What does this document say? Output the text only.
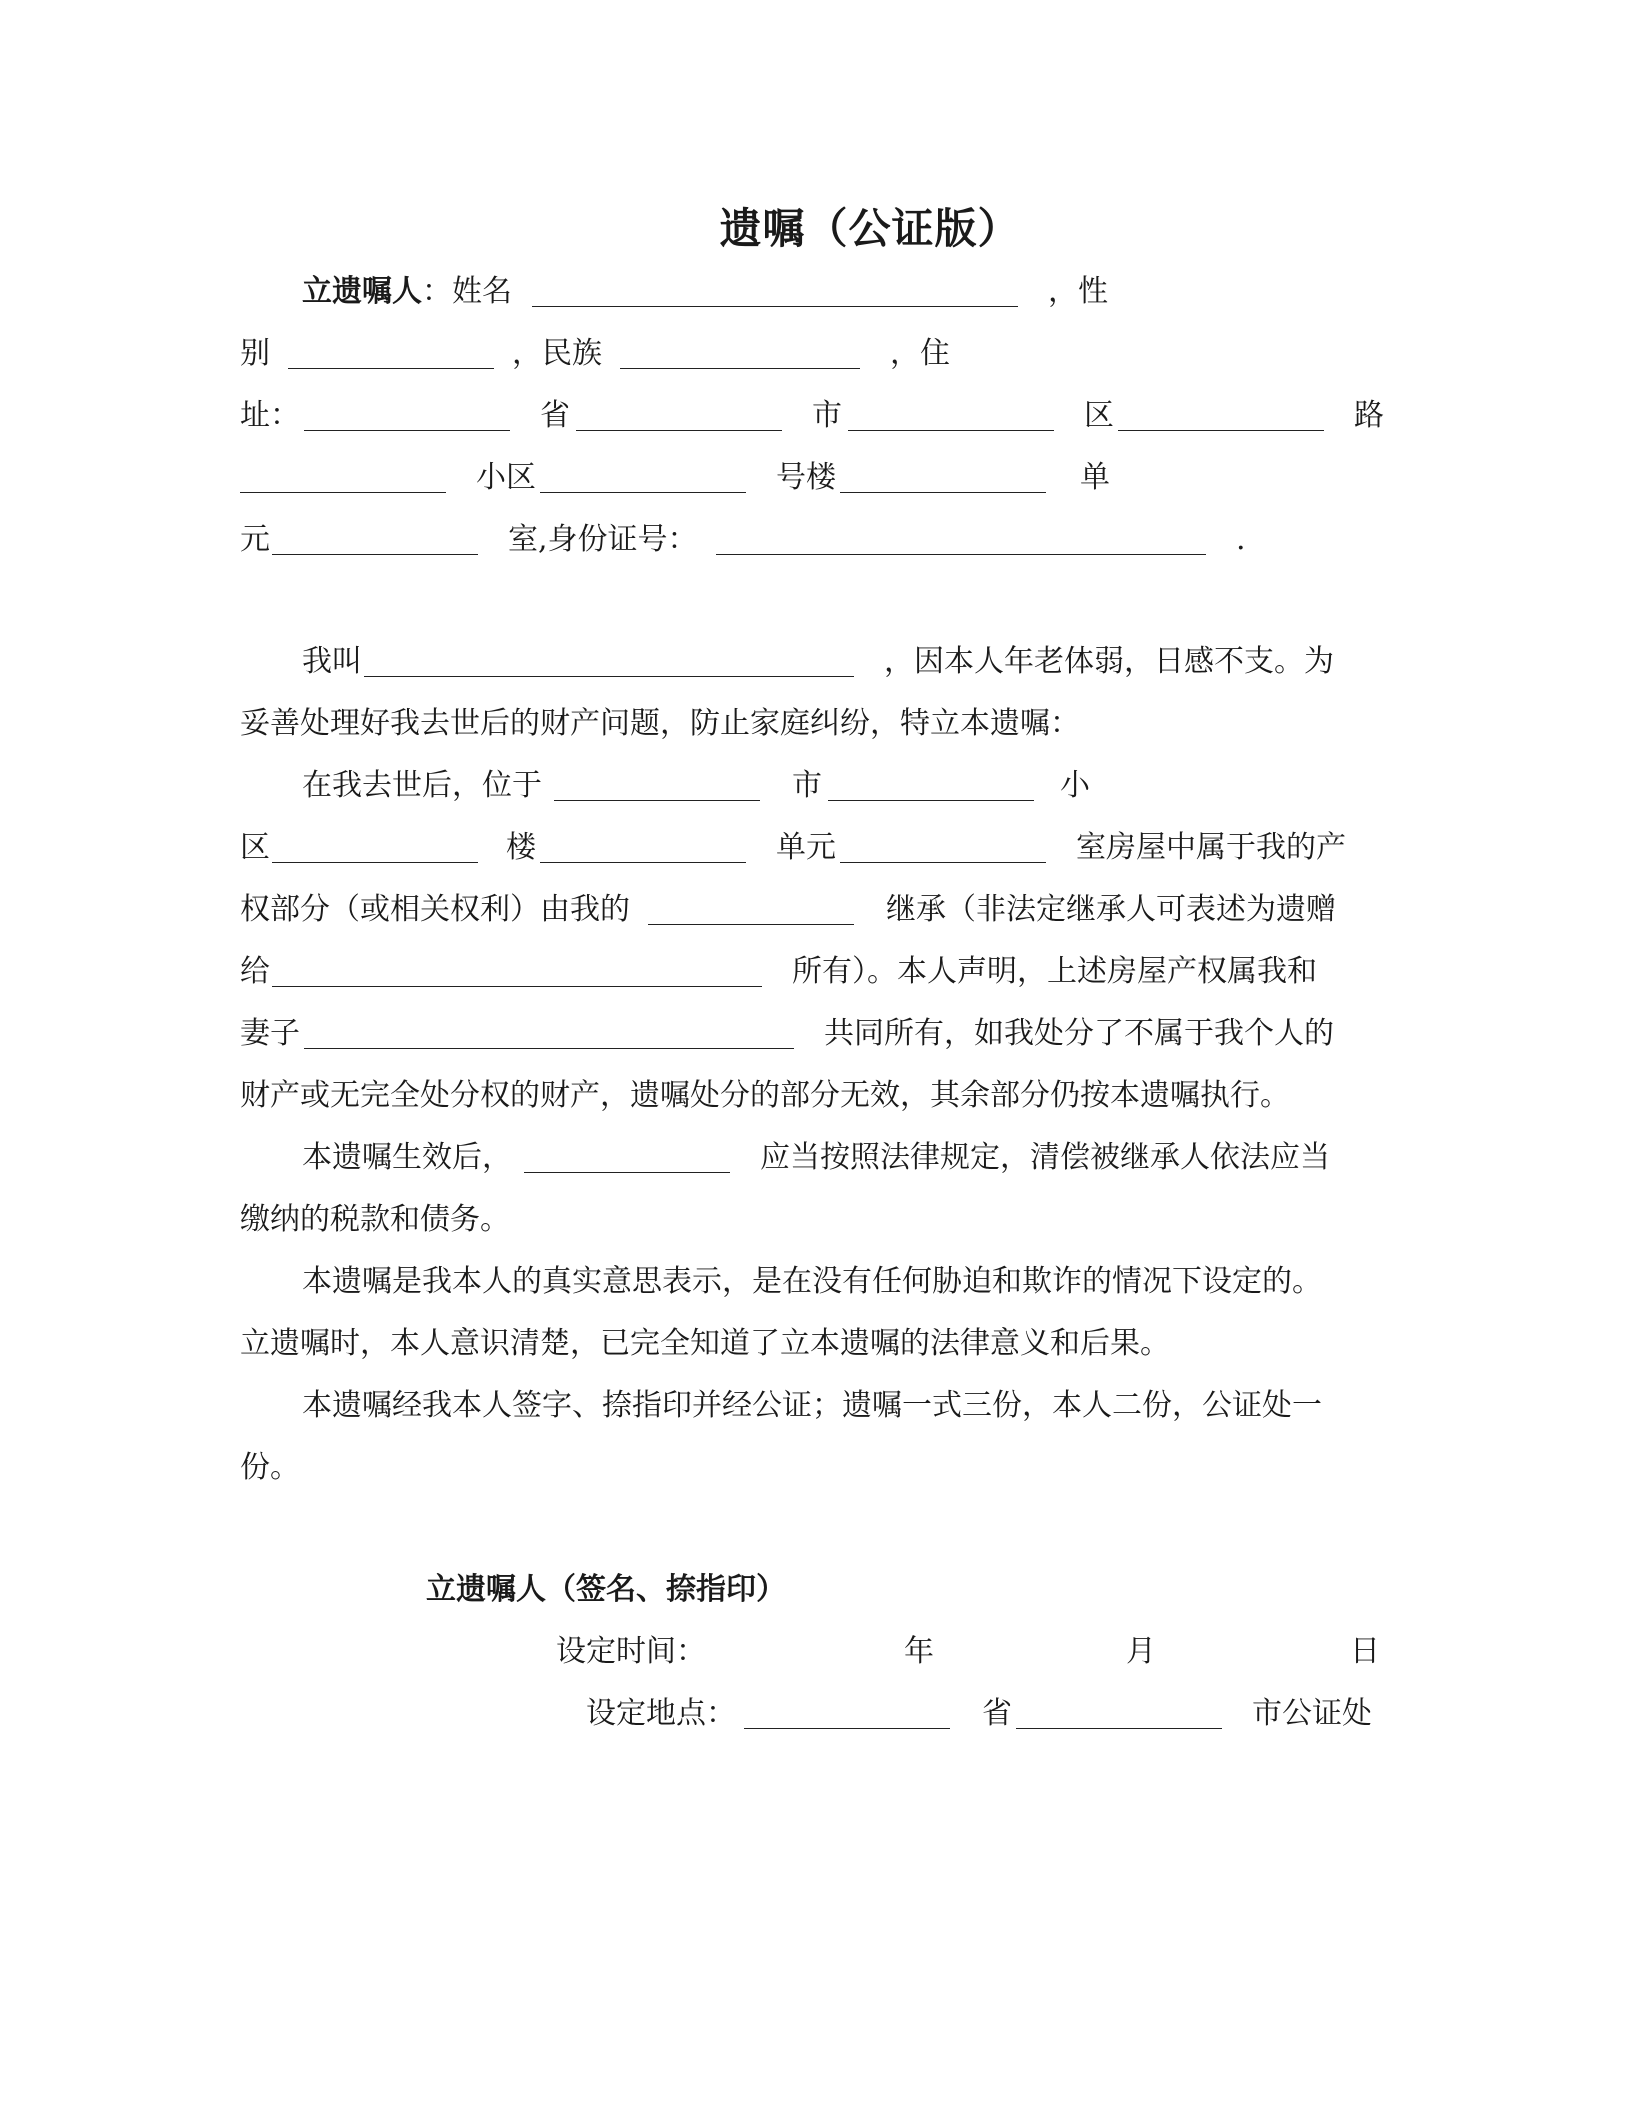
遗嘱（公证版）
立遗嘱人 ：姓名	，性
别	，民族	，住
址：	省	市	区	路
小区	号楼	单
元	室,身份证号：	.
我叫	，因本人年老体弱，日感不支。为
妥善处理好我去世后的财产问题，防止家庭纠纷，特立本遗嘱：
在我去世后，位于	市	小
区	楼	单元	室房屋中属于我的产
权部分（或相关权利）由我的	继承（非法定继承人可表述为遗赠
给	所有）。本人声明，上述房屋产权属我和
妻子	共同所有，如我处分了不属于我个人的
财产或无完全处分权的财产，遗嘱处分的部分无效，其余部分仍按本遗嘱执行。
本遗嘱生效后，	应当按照法律规定，清偿被继承人依法应当
缴纳的税款和债务。
本遗嘱是我本人的真实意思表示，是在没有任何胁迫和欺诈的情况下设定的。
立遗嘱时，本人意识清楚，已完全知道了立本遗嘱的法律意义和后果。
本遗嘱经我本人签字、捺指印并经公证；遗嘱一式三份，本人二份，公证处一
份。
立遗嘱人（签名、捺指印）
设定时间：	年	月	日
设定地点：	省	市公证处
